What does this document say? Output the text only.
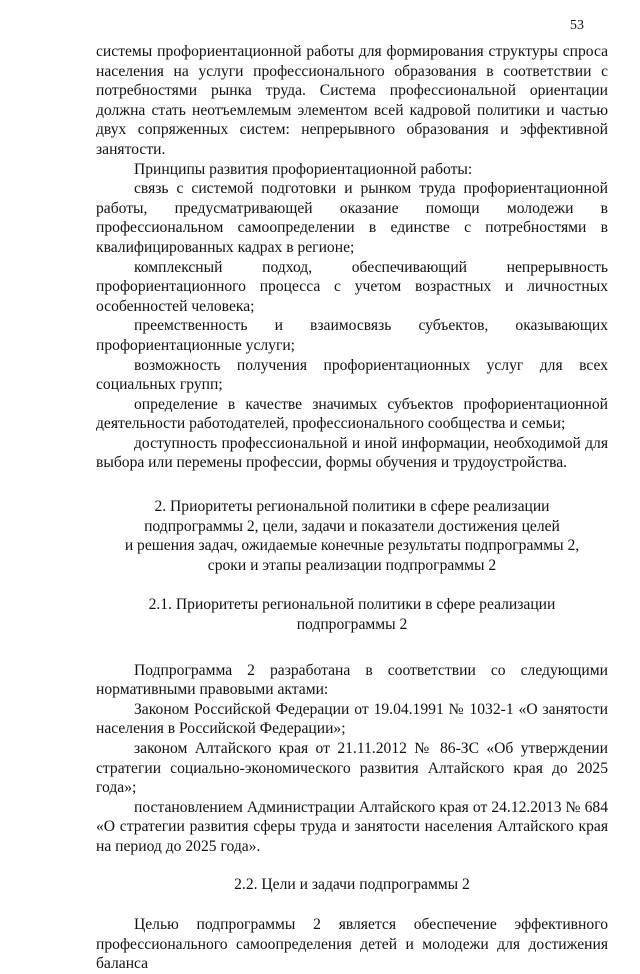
53

системы профориентационной работы для формирования структуры спроса населения на услуги профессионального образования в соответствии с потребностями рынка труда. Система профессиональной ориентации должна стать неотъемлемым элементом всей кадровой политики и частью двух сопряженных систем: непрерывного образования и эффективной занятости.

Принципы развития профориентационной работы:

связь с системой подготовки и рынком труда профориентационной работы, предусматривающей оказание помощи молодежи в профессиональном самоопределении в единстве с потребностями в квалифицированных кадрах в регионе;

комплексный подход, обеспечивающий непрерывность профориентационного процесса с учетом возрастных и личностных особенностей человека;

преемственность и взаимосвязь субъектов, оказывающих профориентационные услуги;

возможность получения профориентационных услуг для всех социальных групп;

определение в качестве значимых субъектов профориентационной деятельности работодателей, профессионального сообщества и семьи;

доступность профессиональной и иной информации, необходимой для выбора или перемены профессии, формы обучения и трудоустройства.

2. Приоритеты региональной политики в сфере реализации

подпрограммы 2, цели, задачи и показатели достижения целей

и решения задач, ожидаемые конечные результаты подпрограммы 2,

сроки и этапы реализации подпрограммы 2

2.1. Приоритеты региональной политики в сфере реализации

подпрограммы 2

Подпрограмма 2 разработана в соответствии со следующими нормативными правовыми актами:

Законом Российской Федерации от 19.04.1991 № 1032-1 «О занятости населения в Российской Федерации»;

законом Алтайского края от 21.11.2012 № 86-ЗС «Об утверждении стратегии социально-экономического развития Алтайского края до 2025 года»;

постановлением Администрации Алтайского края от 24.12.2013 № 684 «О стратегии развития сферы труда и занятости населения Алтайского края на период до 2025 года».

2.2. Цели и задачи подпрограммы 2

Целью подпрограммы 2 является обеспечение эффективного профессионального самоопределения детей и молодежи для достижения баланса
